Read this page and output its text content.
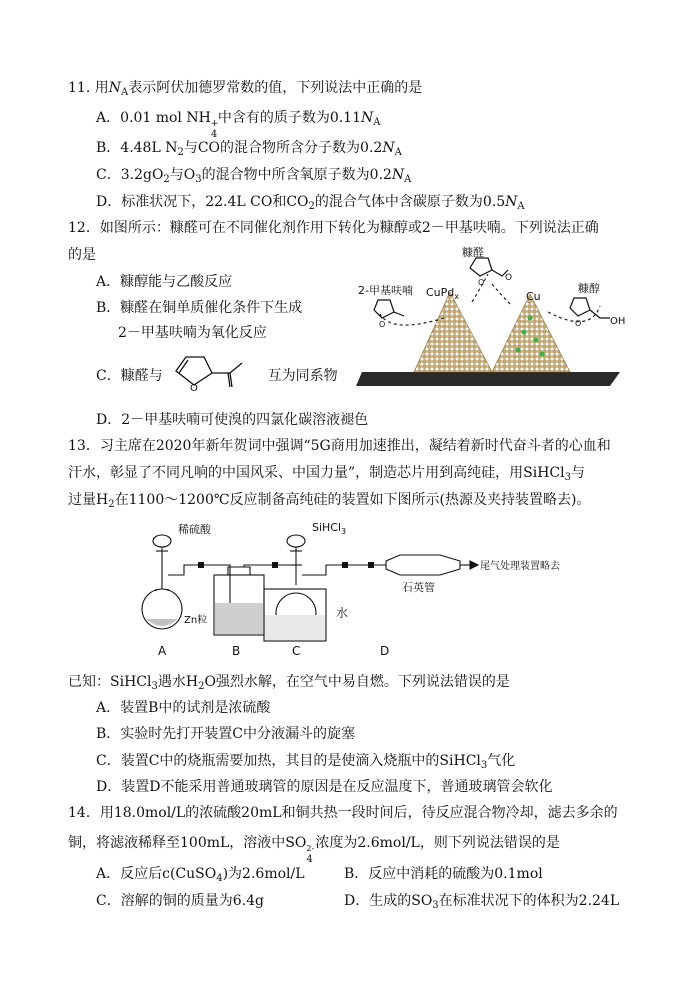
11. 用$N_A$表示阿伏加德罗常数的值，下列说法中正确的是
A．0.01 mol NH +
4
中含有的质子数为$0.11N_A$
B．4.48L $N_2$与CO的混合物所含分子数为$0.2N_A$
C．$3.2gO_2$与$O_3$的混合物中所含氧原子数为$0.2N_A$
D．标准状况下，22.4L CO和$CO_2$的混合气体中含碳原子数为$0.5N_A$
12．如图所示：糠醛可在不同催化剂作用下转化为糠醇或2－甲基呋喃。下列说法正确
的是
A．糠醇能与乙酸反应
B．糠醛在铜单质催化条件下生成
2－甲基呋喃为氧化反应
C．糠醛与	互为同系物
O
D．2－甲基呋喃可使溴的四氯化碳溶液褪色
糠醛
O O
2-甲基呋喃
O
糠醇
O	OH
CuPd$_x$	Cu
13．习主席在2020年新年贺词中强调“5G商用加速推出，凝结着新时代奋斗者的心血和
汗水，彰显了不同凡响的中国风采、中国力量”，制造芯片用到高纯硅，用SiHCl$_3$与
过量$H_2$在1100～1200℃反应制备高纯硅的装置如下图所示(热源及夹持装置略去)。
稀硫酸	SiHCl$_3$
Zn粒
水
石英管
尾气处理装置略去
A	B	C	D
已知：SiHCl$_3$遇水$H_2O$强烈水解，在空气中易自燃。下列说法错误的是
A．装置B中的试剂是浓硫酸
B．实验时先打开装置C中分液漏斗的旋塞
C．装置C中的烧瓶需要加热，其目的是使滴入烧瓶中的SiHCl$_3$气化
D．装置D不能采用普通玻璃管的原因是在反应温度下，普通玻璃管会软化
14．用18.0mol/L的浓硫酸20mL和铜共热一段时间后，待反应混合物冷却，滤去多余的
铜，将滤液稀释至100mL，溶液中SO 2-
4
浓度为2.6mol/L，则下列说法错误的是
A．反应后c(CuSO$_4$)为2.6mol/L	B．反应中消耗的硫酸为0.1mol
C．溶解的铜的质量为6.4g	D．生成的$SO_3$在标准状况下的体积为2.24L
